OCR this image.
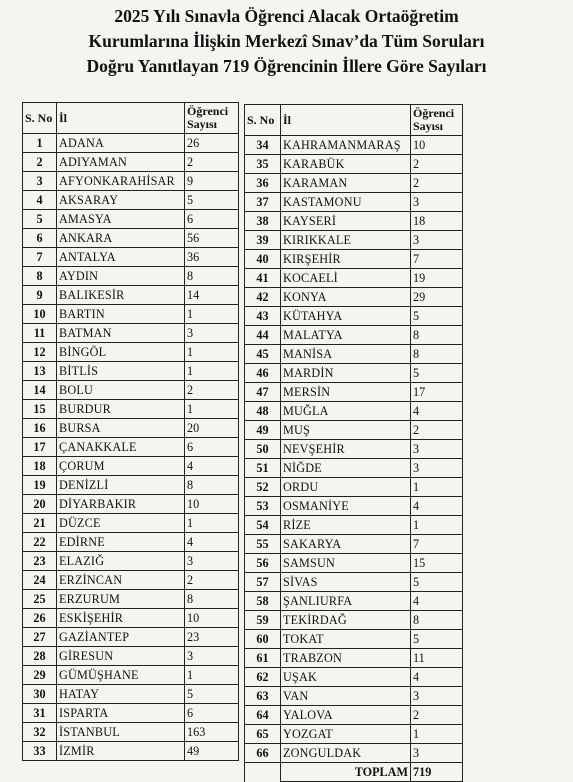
2025 Yılı Sınavla Öğrenci Alacak Ortaöğretim
Kurumlarına İlişkin Merkezî Sınav’da Tüm Soruları
Doğru Yanıtlayan 719 Öğrencinin İllere Göre Sayıları
S. No	İl	Öğrenci
Sayısı
1	ADANA	26
2	ADIYAMAN	2
3	AFYONKARAHİSAR	9
4	AKSARAY	5
5	AMASYA	6
6	ANKARA	56
7	ANTALYA	36
8	AYDIN	8
9	BALIKESİR	14
10	BARTIN	1
11	BATMAN	3
12	BİNGÖL	1
13	BİTLİS	1
14	BOLU	2
15	BURDUR	1
16	BURSA	20
17	ÇANAKKALE	6
18	ÇORUM	4
19	DENİZLİ	8
20	DİYARBAKIR	10
21	DÜZCE	1
22	EDİRNE	4
23	ELAZIĞ	3
24	ERZİNCAN	2
25	ERZURUM	8
26	ESKİŞEHİR	10
27	GAZİANTEP	23
28	GİRESUN	3
29	GÜMÜŞHANE	1
30	HATAY	5
31	ISPARTA	6
32	İSTANBUL	163
33	İZMİR	49
S. No	İl	Öğrenci
Sayısı
34	KAHRAMANMARAŞ	10
35	KARABÜK	2
36	KARAMAN	2
37	KASTAMONU	3
38	KAYSERİ	18
39	KIRIKKALE	3
40	KIRŞEHİR	7
41	KOCAELİ	19
42	KONYA	29
43	KÜTAHYA	5
44	MALATYA	8
45	MANİSA	8
46	MARDİN	5
47	MERSİN	17
48	MUĞLA	4
49	MUŞ	2
50	NEVŞEHİR	3
51	NİĞDE	3
52	ORDU	1
53	OSMANİYE	4
54	RİZE	1
55	SAKARYA	7
56	SAMSUN	15
57	SİVAS	5
58	ŞANLIURFA	4
59	TEKİRDAĞ	8
60	TOKAT	5
61	TRABZON	11
62	UŞAK	4
63	VAN	3
64	YALOVA	2
65	YOZGAT	1
66	ZONGULDAK	3
	TOPLAM	719
